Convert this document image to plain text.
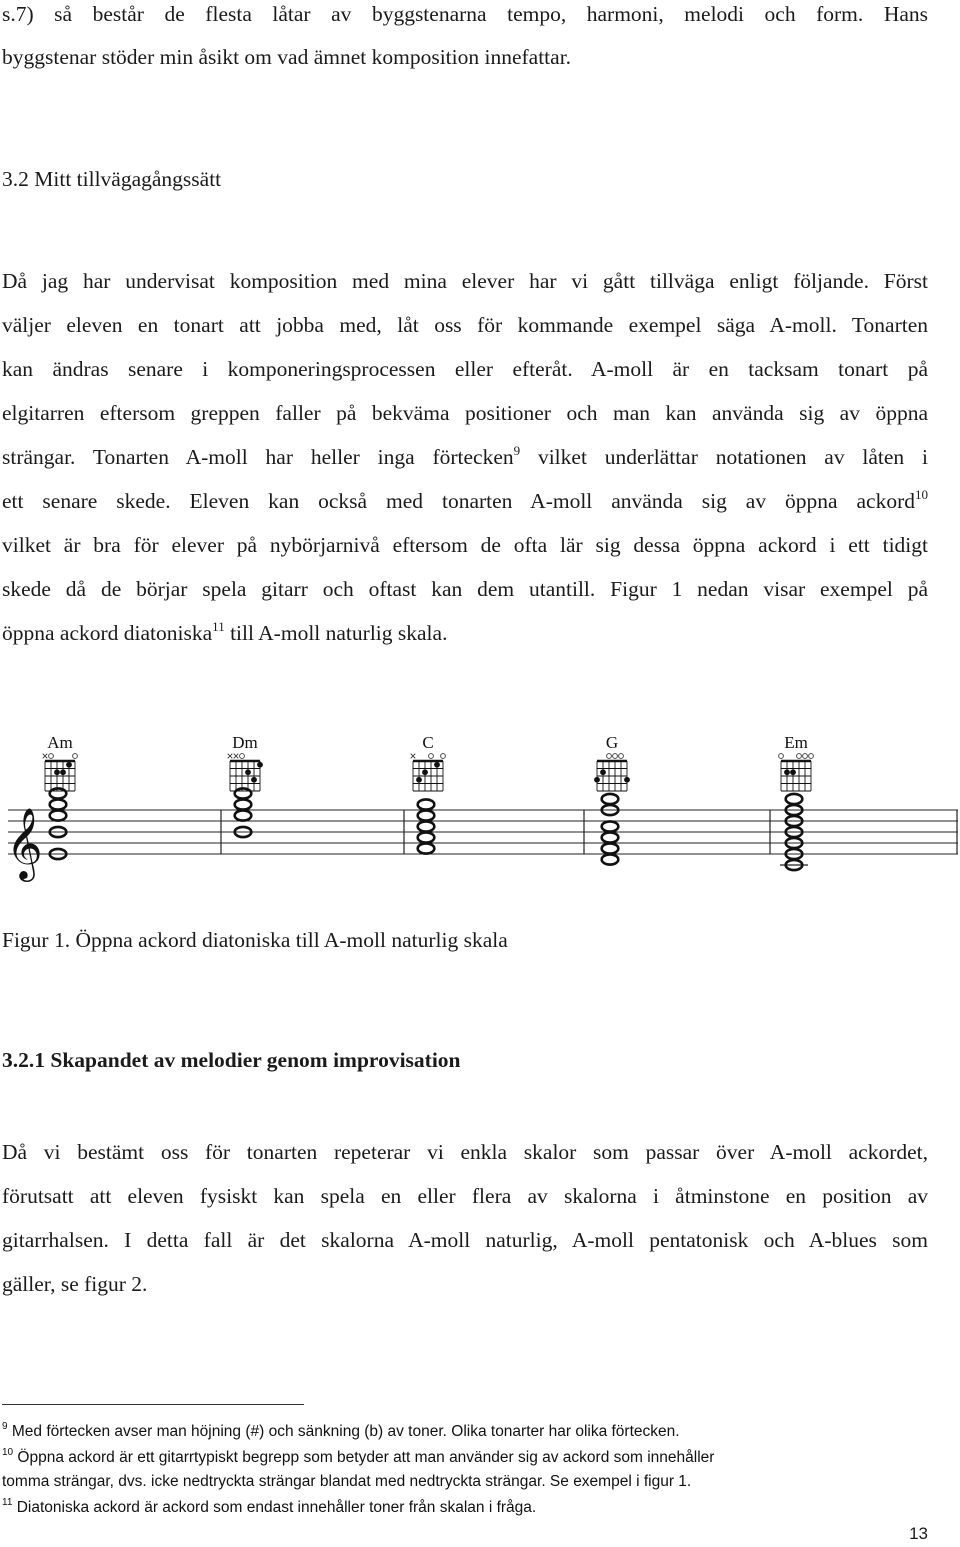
s.7) så består de flesta låtar av byggstenarna tempo, harmoni, melodi och form. Hans
byggstenar stöder min åsikt om vad ämnet komposition innefattar.
3.2 Mitt tillvägagångssätt
Då jag har undervisat komposition med mina elever har vi gått tillväga enligt följande. Först
väljer eleven en tonart att jobba med, låt oss för kommande exempel säga A-moll. Tonarten
kan ändras senare i komponeringsprocessen eller efteråt. A-moll är en tacksam tonart på
elgitarren eftersom greppen faller på bekväma positioner och man kan använda sig av öppna
strängar. Tonarten A-moll har heller inga förtecken$^9$ vilket underlättar notationen av låten i
ett senare skede. Eleven kan också med tonarten A-moll använda sig av öppna ackord$^{10}$
vilket är bra för elever på nybörjarnivå eftersom de ofta lär sig dessa öppna ackord i ett tidigt
skede då de börjar spela gitarr och oftast kan dem utantill. Figur 1 nedan visar exempel på
öppna ackord diatoniska$^{11}$ till A-moll naturlig skala.
𝄞
Am	Dm	C	G	Em
Figur 1. Öppna ackord diatoniska till A-moll naturlig skala
3.2.1 Skapandet av melodier genom improvisation
Då vi bestämt oss för tonarten repeterar vi enkla skalor som passar över A-moll ackordet,
förutsatt att eleven fysiskt kan spela en eller flera av skalorna i åtminstone en position av
gitarrhalsen. I detta fall är det skalorna A-moll naturlig, A-moll pentatonisk och A-blues som
gäller, se figur 2.
$^9$ Med förtecken avser man höjning (#) och sänkning (b) av toner. Olika tonarter har olika förtecken.
$^{10}$ Öppna ackord är ett gitarrtypiskt begrepp som betyder att man använder sig av ackord som innehåller
tomma strängar, dvs. icke nedtryckta strängar blandat med nedtryckta strängar. Se exempel i figur 1.
$^{11}$ Diatoniska ackord är ackord som endast innehåller toner från skalan i fråga.
13
